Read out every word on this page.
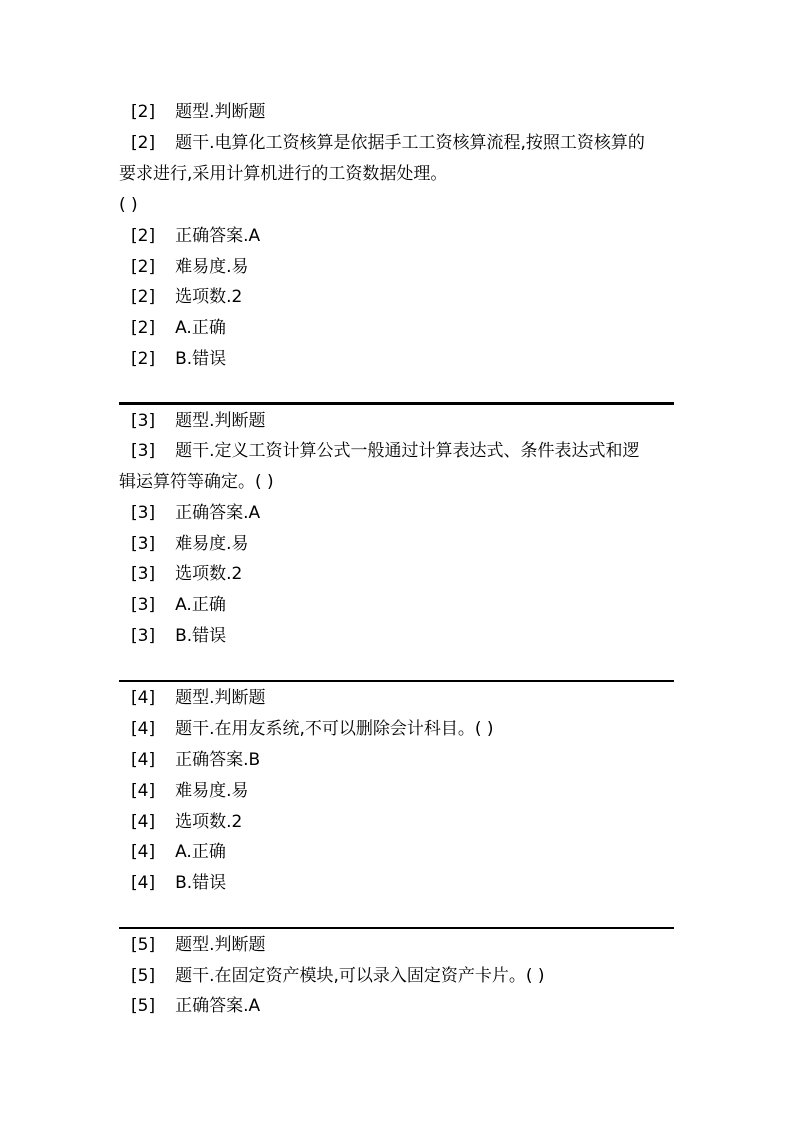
[2] 题型.判断题
[2] 题干.电算化工资核算是依据手工工资核算流程,按照工资核算的
要求进行,采用计算机进行的工资数据处理。
( )
[2] 正确答案.A
[2] 难易度.易
[2] 选项数.2
[2] A.正确
[2] B.错误
[3] 题型.判断题
[3] 题干.定义工资计算公式一般通过计算表达式、条件表达式和逻
辑运算符等确定。( )
[3] 正确答案.A
[3] 难易度.易
[3] 选项数.2
[3] A.正确
[3] B.错误
[4] 题型.判断题
[4] 题干.在用友系统,不可以删除会计科目。( )
[4] 正确答案.B
[4] 难易度.易
[4] 选项数.2
[4] A.正确
[4] B.错误
[5] 题型.判断题
[5] 题干.在固定资产模块,可以录入固定资产卡片。( )
[5] 正确答案.A
